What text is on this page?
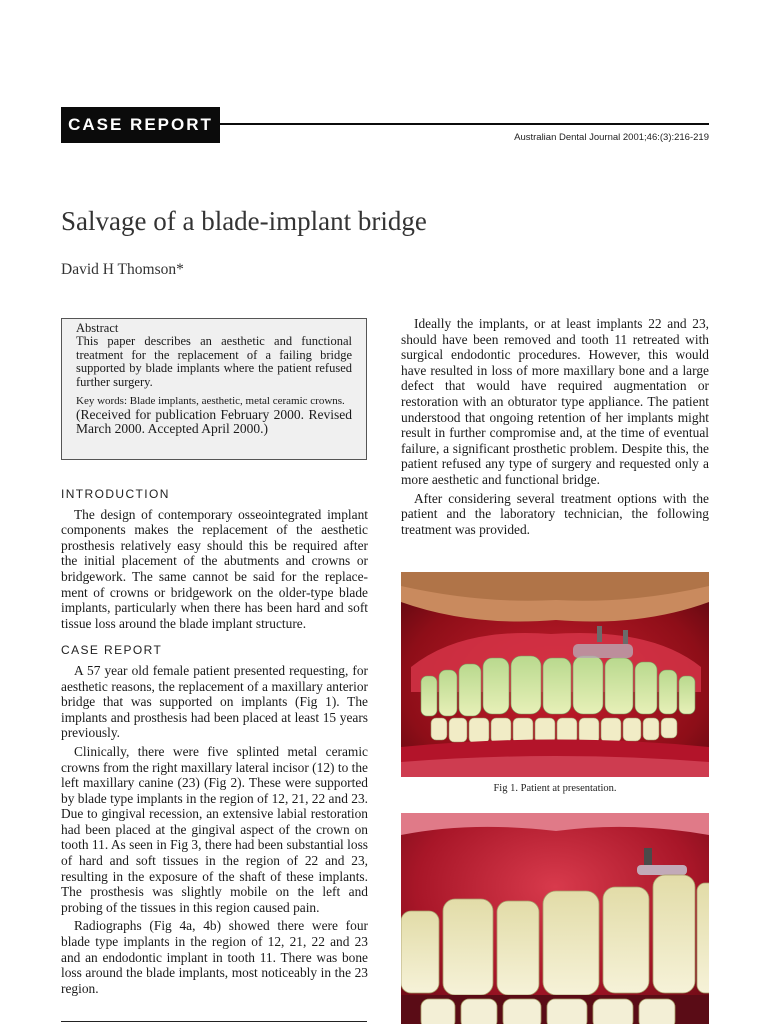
CASE REPORT
Australian Dental Journal 2001;46:(3):216-219
Salvage of a blade-implant bridge
David H Thomson*
Abstract
This paper describes an aesthetic and functional treatment for the replacement of a failing bridge supported by blade implants where the patient refused further surgery.
Key words: Blade implants, aesthetic, metal ceramic crowns.
(Received for publication February 2000. Revised March 2000. Accepted April 2000.)
INTRODUCTION

The design of contemporary osseointegrated implant components makes the replacement of the aesthetic prosthesis relatively easy should this be required after the initial placement of the abutments and crowns or bridgework. The same cannot be said for the replace-ment of crowns or bridgework on the older-type blade implants, particularly when there has been hard and soft tissue loss around the blade implant structure.

CASE REPORT

A 57 year old female patient presented requesting, for aesthetic reasons, the replacement of a maxillary anterior bridge that was supported on implants (Fig 1). The implants and prosthesis had been placed at least 15 years previously.

Clinically, there were five splinted metal ceramic crowns from the right maxillary lateral incisor (12) to the left maxillary canine (23) (Fig 2). These were supported by blade type implants in the region of 12, 21, 22 and 23. Due to gingival recession, an extensive labial restoration had been placed at the gingival aspect of the crown on tooth 11. As seen in Fig 3, there had been substantial loss of hard and soft tissues in the region of 22 and 23, resulting in the exposure of the shaft of these implants. The prosthesis was slightly mobile on the left and probing of the tissues in this region caused pain.

Radiographs (Fig 4a, 4b) showed there were four blade type implants in the region of 12, 21, 22 and 23 and an endodontic implant in tooth 11. There was bone loss around the blade implants, most noticeably in the 23 region.

Ideally the implants, or at least implants 22 and 23, should have been removed and tooth 11 retreated with surgical endodontic procedures. However, this would have resulted in loss of more maxillary bone and a large defect that would have required augmentation or restoration with an obturator type appliance. The patient understood that ongoing retention of her implants might result in further compromise and, at the time of eventual failure, a significant prosthetic problem. Despite this, the patient refused any type of surgery and requested only a more aesthetic and functional bridge.

After considering several treatment options with the patient and the laboratory technician, the following treatment was provided.

Fig 1. Patient at presentation.
